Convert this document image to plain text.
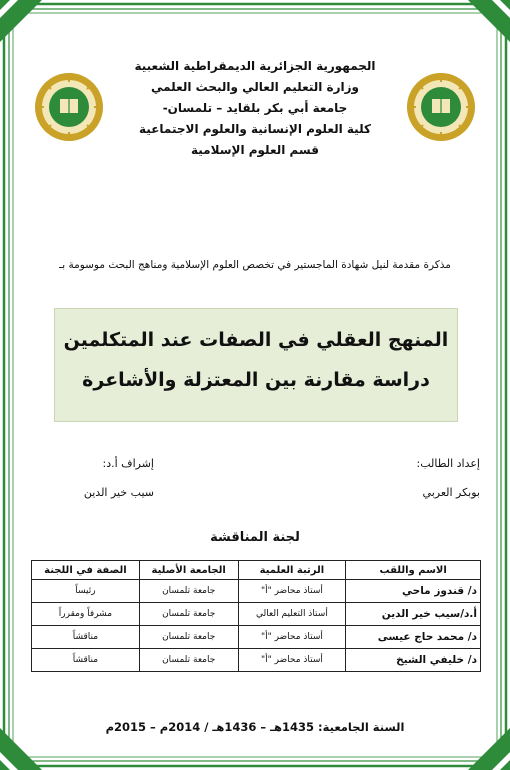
الجمهورية الجزائرية الديمقراطية الشعبية
وزارة التعليم العالي والبحث العلمي
جامعة أبي بكر بلقايد – تلمسان-
كلية العلوم الإنسانية والعلوم الاجتماعية
قسم العلوم الإسلامية
مذكرة مقدمة لنيل شهادة الماجستير في تخصص العلوم الإسلامية ومناهج البحث موسومة بـ
المنهج العقلي في الصفات عند المتكلمين
دراسة مقارنة بين المعتزلة والأشاعرة
إعداد الطالب:
بوبكر العربي
إشراف أ.د:
سيب خير الدين
لجنة المناقشة
الاسم واللقب	الرتبة العلمية	الجامعة الأصلية	الصفة في اللجنة
د/ قندوز ماحي	أستاذ محاضر "أ"	جامعة تلمسان	رئيساً
أ.د/سيب خير الدين	أستاذ التعليم العالي	جامعة تلمسان	مشرفاً ومقرراً
د/ محمد حاج عيسى	أستاذ محاضر "أ"	جامعة تلمسان	مناقشاً
د/ خليفي الشيخ	أستاذ محاضر "أ"	جامعة تلمسان	مناقشاً
السنة الجامعية: 1435هـ – 1436هـ / 2014م – 2015م
